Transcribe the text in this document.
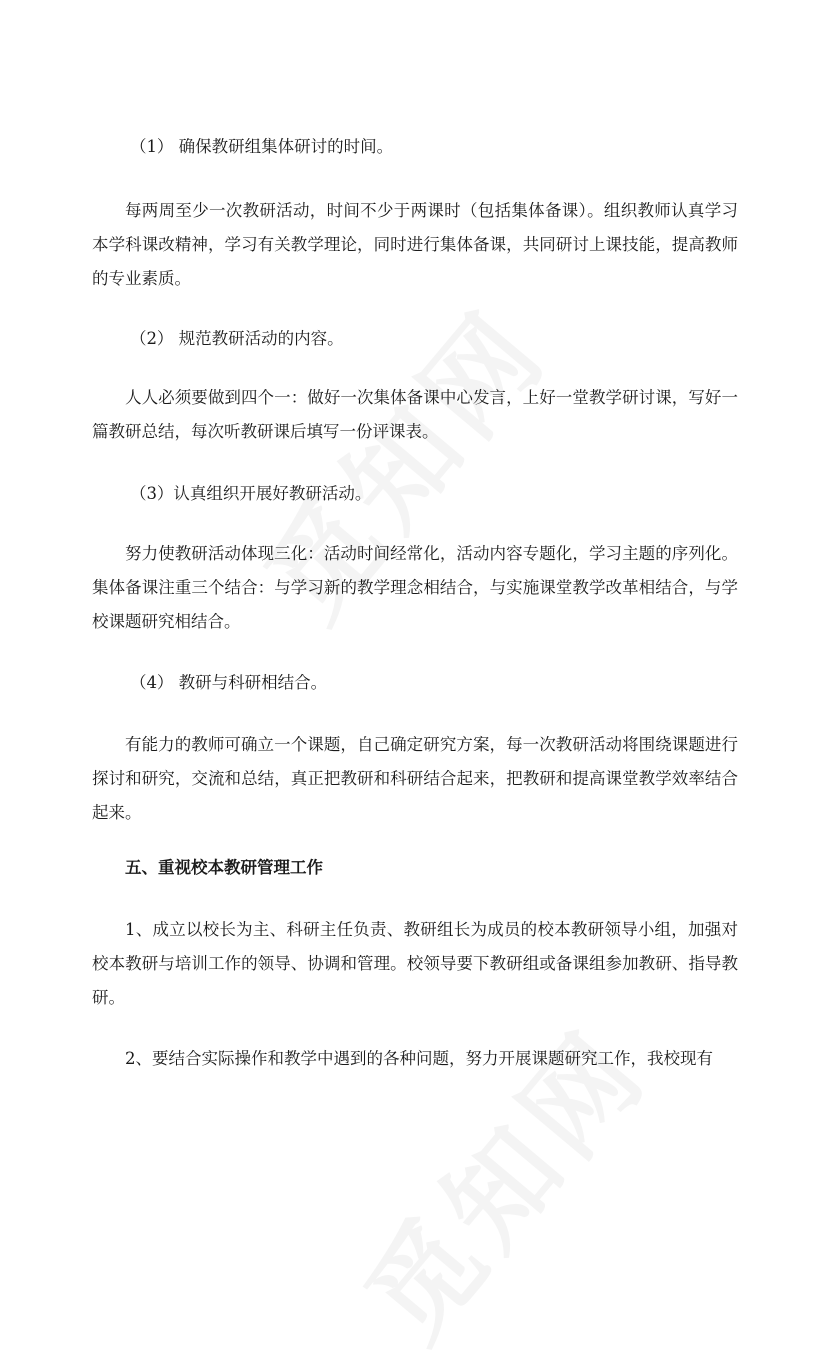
（1） 确保教研组集体研讨的时间。

每两周至少一次教研活动，时间不少于两课时（包括集体备课）。组织教师认真学习本学科课改精神，学习有关教学理论，同时进行集体备课，共同研讨上课技能，提高教师的专业素质。

（2） 规范教研活动的内容。

人人必须要做到四个一：做好一次集体备课中心发言，上好一堂教学研讨课，写好一篇教研总结，每次听教研课后填写一份评课表。

（3）认真组织开展好教研活动。

努力使教研活动体现三化：活动时间经常化，活动内容专题化，学习主题的序列化。集体备课注重三个结合：与学习新的教学理念相结合，与实施课堂教学改革相结合，与学校课题研究相结合。

（4） 教研与科研相结合。

有能力的教师可确立一个课题，自己确定研究方案，每一次教研活动将围绕课题进行探讨和研究，交流和总结，真正把教研和科研结合起来，把教研和提高课堂教学效率结合起来。

五、重视校本教研管理工作

1、成立以校长为主、科研主任负责、教研组长为成员的校本教研领导小组，加强对校本教研与培训工作的领导、协调和管理。校领导要下教研组或备课组参加教研、指导教研。

2、要结合实际操作和教学中遇到的各种问题，努力开展课题研究工作，我校现有
